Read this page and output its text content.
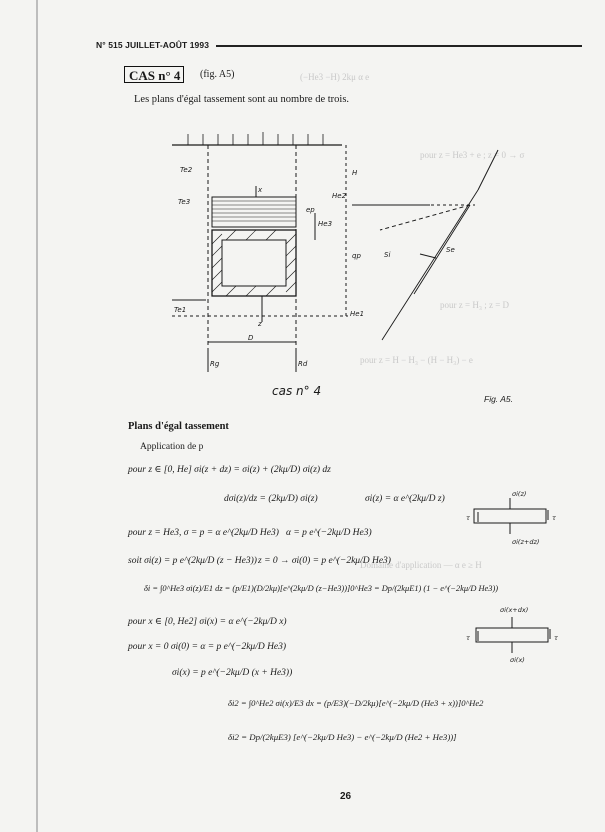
(−He3 −H) 2kμ α e
pour z = He3 + e ; z = 0 → σ
pour z = H₃ ; z = D
pour z = H − H₃ − (H − H₃) − e
Domaine d'application — α e ≥ H
N° 515 JUILLET-AOÛT 1993
CAS n° 4	(fig. A5)
Les plans d'égal tassement sont au nombre de trois.
Te2
Te3
Te1
H
He2
ep
He3
qp	Si
Se
He1
Rg	Rd
D
x
z
σi(z)
σi(z+dz)
τ	τ
σi(x+dx)
σi(x)
τ	τ
cas n° 4
Fig. A5.
Plans d'égal tassement
Application de p
pour z ∈ [0, He] σi(z + dz) = σi(z) + (2kμ/D) σi(z) dz
dσi(z)/dz = (2kμ/D) σi(z)	σi(z) = α e^(2kμ/D z)
pour z = He3, σ = p = α e^(2kμ/D He3) α = p e^(−2kμ/D He3)
soit σi(z) = p e^(2kμ/D (z − He3)) z = 0 → σi(0) = p e^(−2kμ/D He3)
δi = ∫0^He3 σi(z)/E1 dz = (p/E1)(D/2kμ)[e^(2kμ/D (z−He3))]0^He3 = Dp/(2kμE1) (1 − e^(−2kμ/D He3))
pour x ∈ [0, He2] σi(x) = α e^(−2kμ/D x)
pour x = 0 σi(0) = α = p e^(−2kμ/D He3)
σi(x) = p e^(−2kμ/D (x + He3))
δi2 = ∫0^He2 σi(x)/E3 dx = (p/E3)(−D/2kμ)[e^(−2kμ/D (He3 + x))]0^He2
δi2 = Dp/(2kμE3) [e^(−2kμ/D He3) − e^(−2kμ/D (He2 + He3))]
26
